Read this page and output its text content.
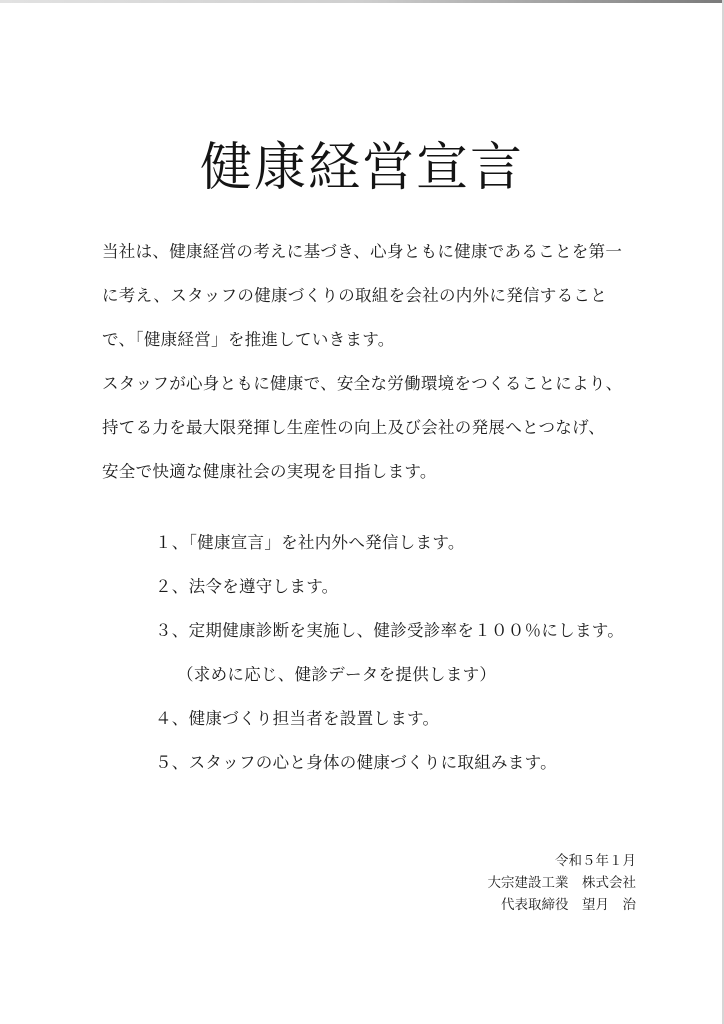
健康経営宣言
当社は、健康経営の考えに基づき、心身ともに健康であることを第一
に考え、スタッフの健康づくりの取組を会社の内外に発信すること
で、「健康経営」を推進していきます。
スタッフが心身ともに健康で、安全な労働環境をつくることにより、
持てる力を最大限発揮し生産性の向上及び会社の発展へとつなげ、
安全で快適な健康社会の実現を目指します。
１、「健康宣言」を社内外へ発信します。
２、法令を遵守します。
３、定期健康診断を実施し、健診受診率を１００％にします。
（求めに応じ、健診データを提供します）
４、健康づくり担当者を設置します。
５、スタッフの心と身体の健康づくりに取組みます。
令和５年１月
大宗建設工業　株式会社
代表取締役　望月　治
